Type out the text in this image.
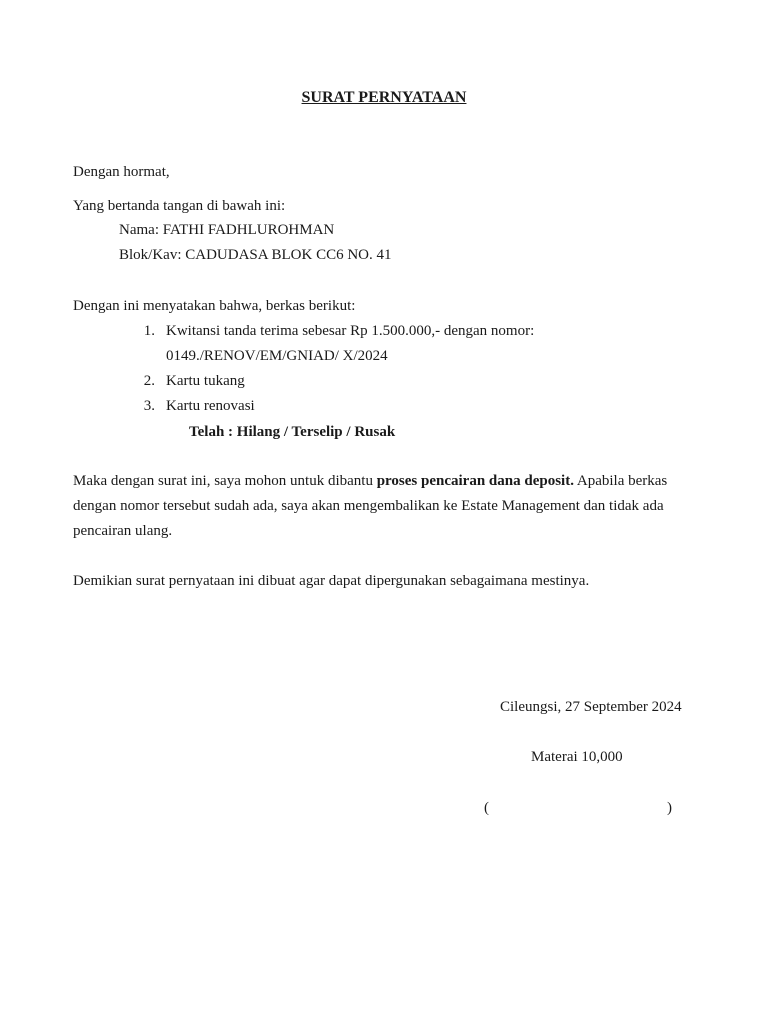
SURAT PERNYATAAN
Dengan hormat,
Yang bertanda tangan di bawah ini:
Nama: FATHI FADHLUROHMAN
Blok/Kav: CADUDASA BLOK CC6 NO. 41
Dengan ini menyatakan bahwa, berkas berikut:
1. Kwitansi tanda terima sebesar Rp 1.500.000,- dengan nomor:
0149./RENOV/EM/GNIAD/ X/2024
2. Kartu tukang
3. Kartu renovasi
Telah : Hilang / Terselip / Rusak
Maka dengan surat ini, saya mohon untuk dibantu proses pencairan dana deposit. Apabila berkas dengan nomor tersebut sudah ada, saya akan mengembalikan ke Estate Management dan tidak ada pencairan ulang.
Demikian surat pernyataan ini dibuat agar dapat dipergunakan sebagaimana mestinya.
Cileungsi, 27 September 2024
Materai 10,000
(	)
